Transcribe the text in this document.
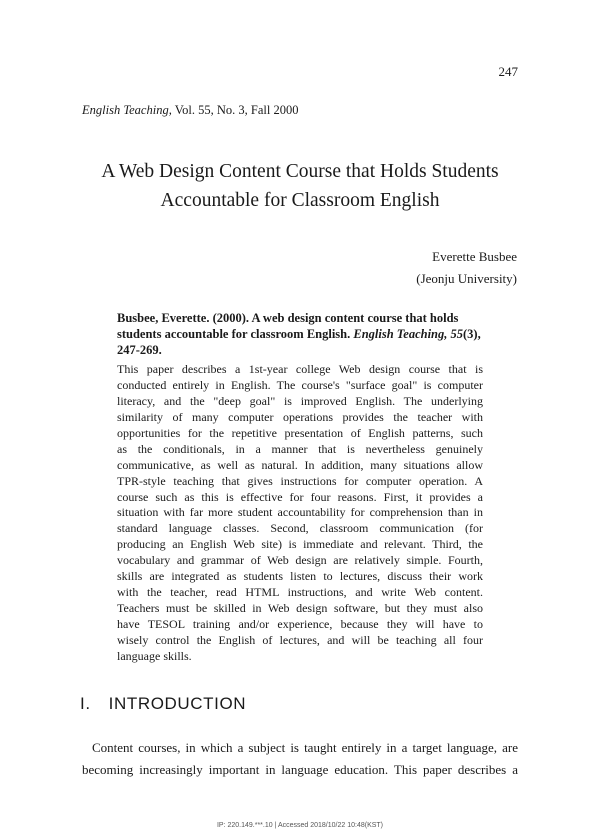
247
English Teaching, Vol. 55, No. 3, Fall 2000
A Web Design Content Course that Holds Students
Accountable for Classroom English
Everette Busbee
(Jeonju University)
Busbee, Everette. (2000). A web design content course that holds students accountable for classroom English. English Teaching, 55(3), 247-269.
This paper describes a 1st-year college Web design course that is
conducted entirely in English. The course's "surface goal" is computer
literacy, and the "deep goal" is improved English. The underlying
similarity of many computer operations provides the teacher with
opportunities for the repetitive presentation of English patterns, such
as the conditionals, in a manner that is nevertheless genuinely
communicative, as well as natural. In addition, many situations allow
TPR-style teaching that gives instructions for computer operation. A
course such as this is effective for four reasons. First, it provides a
situation with far more student accountability for comprehension than in
standard language classes. Second, classroom communication (for
producing an English Web site) is immediate and relevant. Third, the
vocabulary and grammar of Web design are relatively simple. Fourth,
skills are integrated as students listen to lectures, discuss their work
with the teacher, read HTML instructions, and write Web content.
Teachers must be skilled in Web design software, but they must also
have TESOL training and/or experience, because they will have to
wisely control the English of lectures, and will be teaching all four
language skills.
I. INTRODUCTION
Content courses, in which a subject is taught entirely in a target language, are
becoming increasingly important in language education. This paper describes a
IP: 220.149.***.10 | Accessed 2018/10/22 10:48(KST)
